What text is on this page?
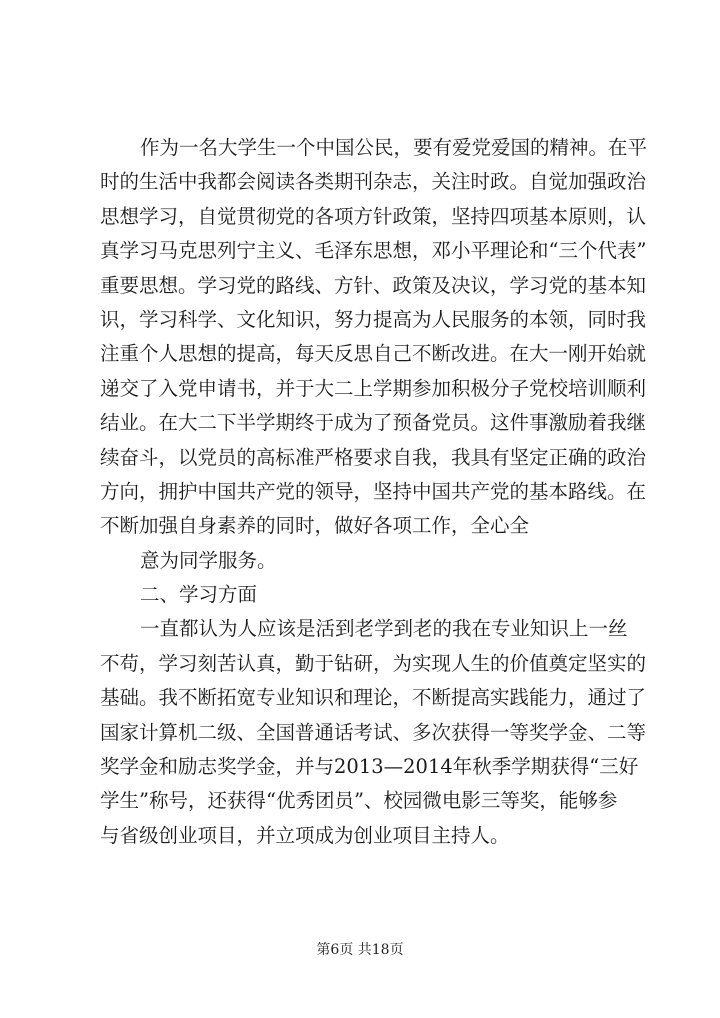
作为一名大学生一个中国公民，要有爱党爱国的精神。在平
时的生活中我都会阅读各类期刊杂志，关注时政。自觉加强政治
思想学习，自觉贯彻党的各项方针政策，坚持四项基本原则，认
真学习马克思列宁主义、毛泽东思想，邓小平理论和“三个代表”
重要思想。学习党的路线、方针、政策及决议，学习党的基本知
识，学习科学、文化知识，努力提高为人民服务的本领，同时我
注重个人思想的提高，每天反思自己不断改进。在大一刚开始就
递交了入党申请书，并于大二上学期参加积极分子党校培训顺利
结业。在大二下半学期终于成为了预备党员。这件事激励着我继
续奋斗，以党员的高标准严格要求自我，我具有坚定正确的政治
方向，拥护中国共产党的领导，坚持中国共产党的基本路线。在
不断加强自身素养的同时，做好各项工作，全心全
意为同学服务。
二、学习方面
一直都认为人应该是活到老学到老的我在专业知识上一丝
不苟，学习刻苦认真，勤于钻研，为实现人生的价值奠定坚实的
基础。我不断拓宽专业知识和理论，不断提高实践能力，通过了
国家计算机二级、全国普通话考试、多次获得一等奖学金、二等
奖学金和励志奖学金，并与2013—2014年秋季学期获得“三好
学生”称号，还获得“优秀团员”、校园微电影三等奖，能够参
与省级创业项目，并立项成为创业项目主持人。
第6页 共18页
